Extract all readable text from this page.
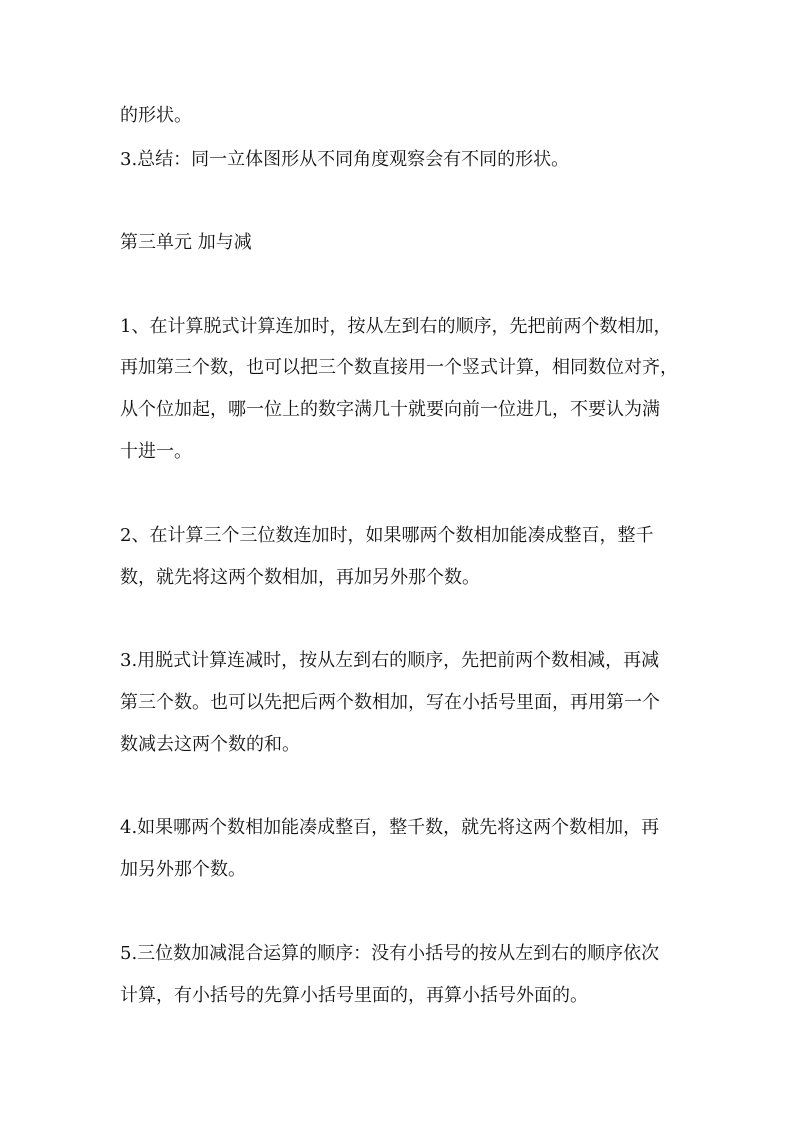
的形状。
3.总结：同一立体图形从不同角度观察会有不同的形状。
第三单元 加与减
1、在计算脱式计算连加时，按从左到右的顺序，先把前两个数相加，
再加第三个数，也可以把三个数直接用一个竖式计算，相同数位对齐，
从个位加起，哪一位上的数字满几十就要向前一位进几，不要认为满
十进一。
2、在计算三个三位数连加时，如果哪两个数相加能凑成整百，整千
数，就先将这两个数相加，再加另外那个数。
3.用脱式计算连减时，按从左到右的顺序，先把前两个数相减，再减
第三个数。也可以先把后两个数相加，写在小括号里面，再用第一个
数减去这两个数的和。
4.如果哪两个数相加能凑成整百，整千数，就先将这两个数相加，再
加另外那个数。
5.三位数加减混合运算的顺序：没有小括号的按从左到右的顺序依次
计算，有小括号的先算小括号里面的，再算小括号外面的。
